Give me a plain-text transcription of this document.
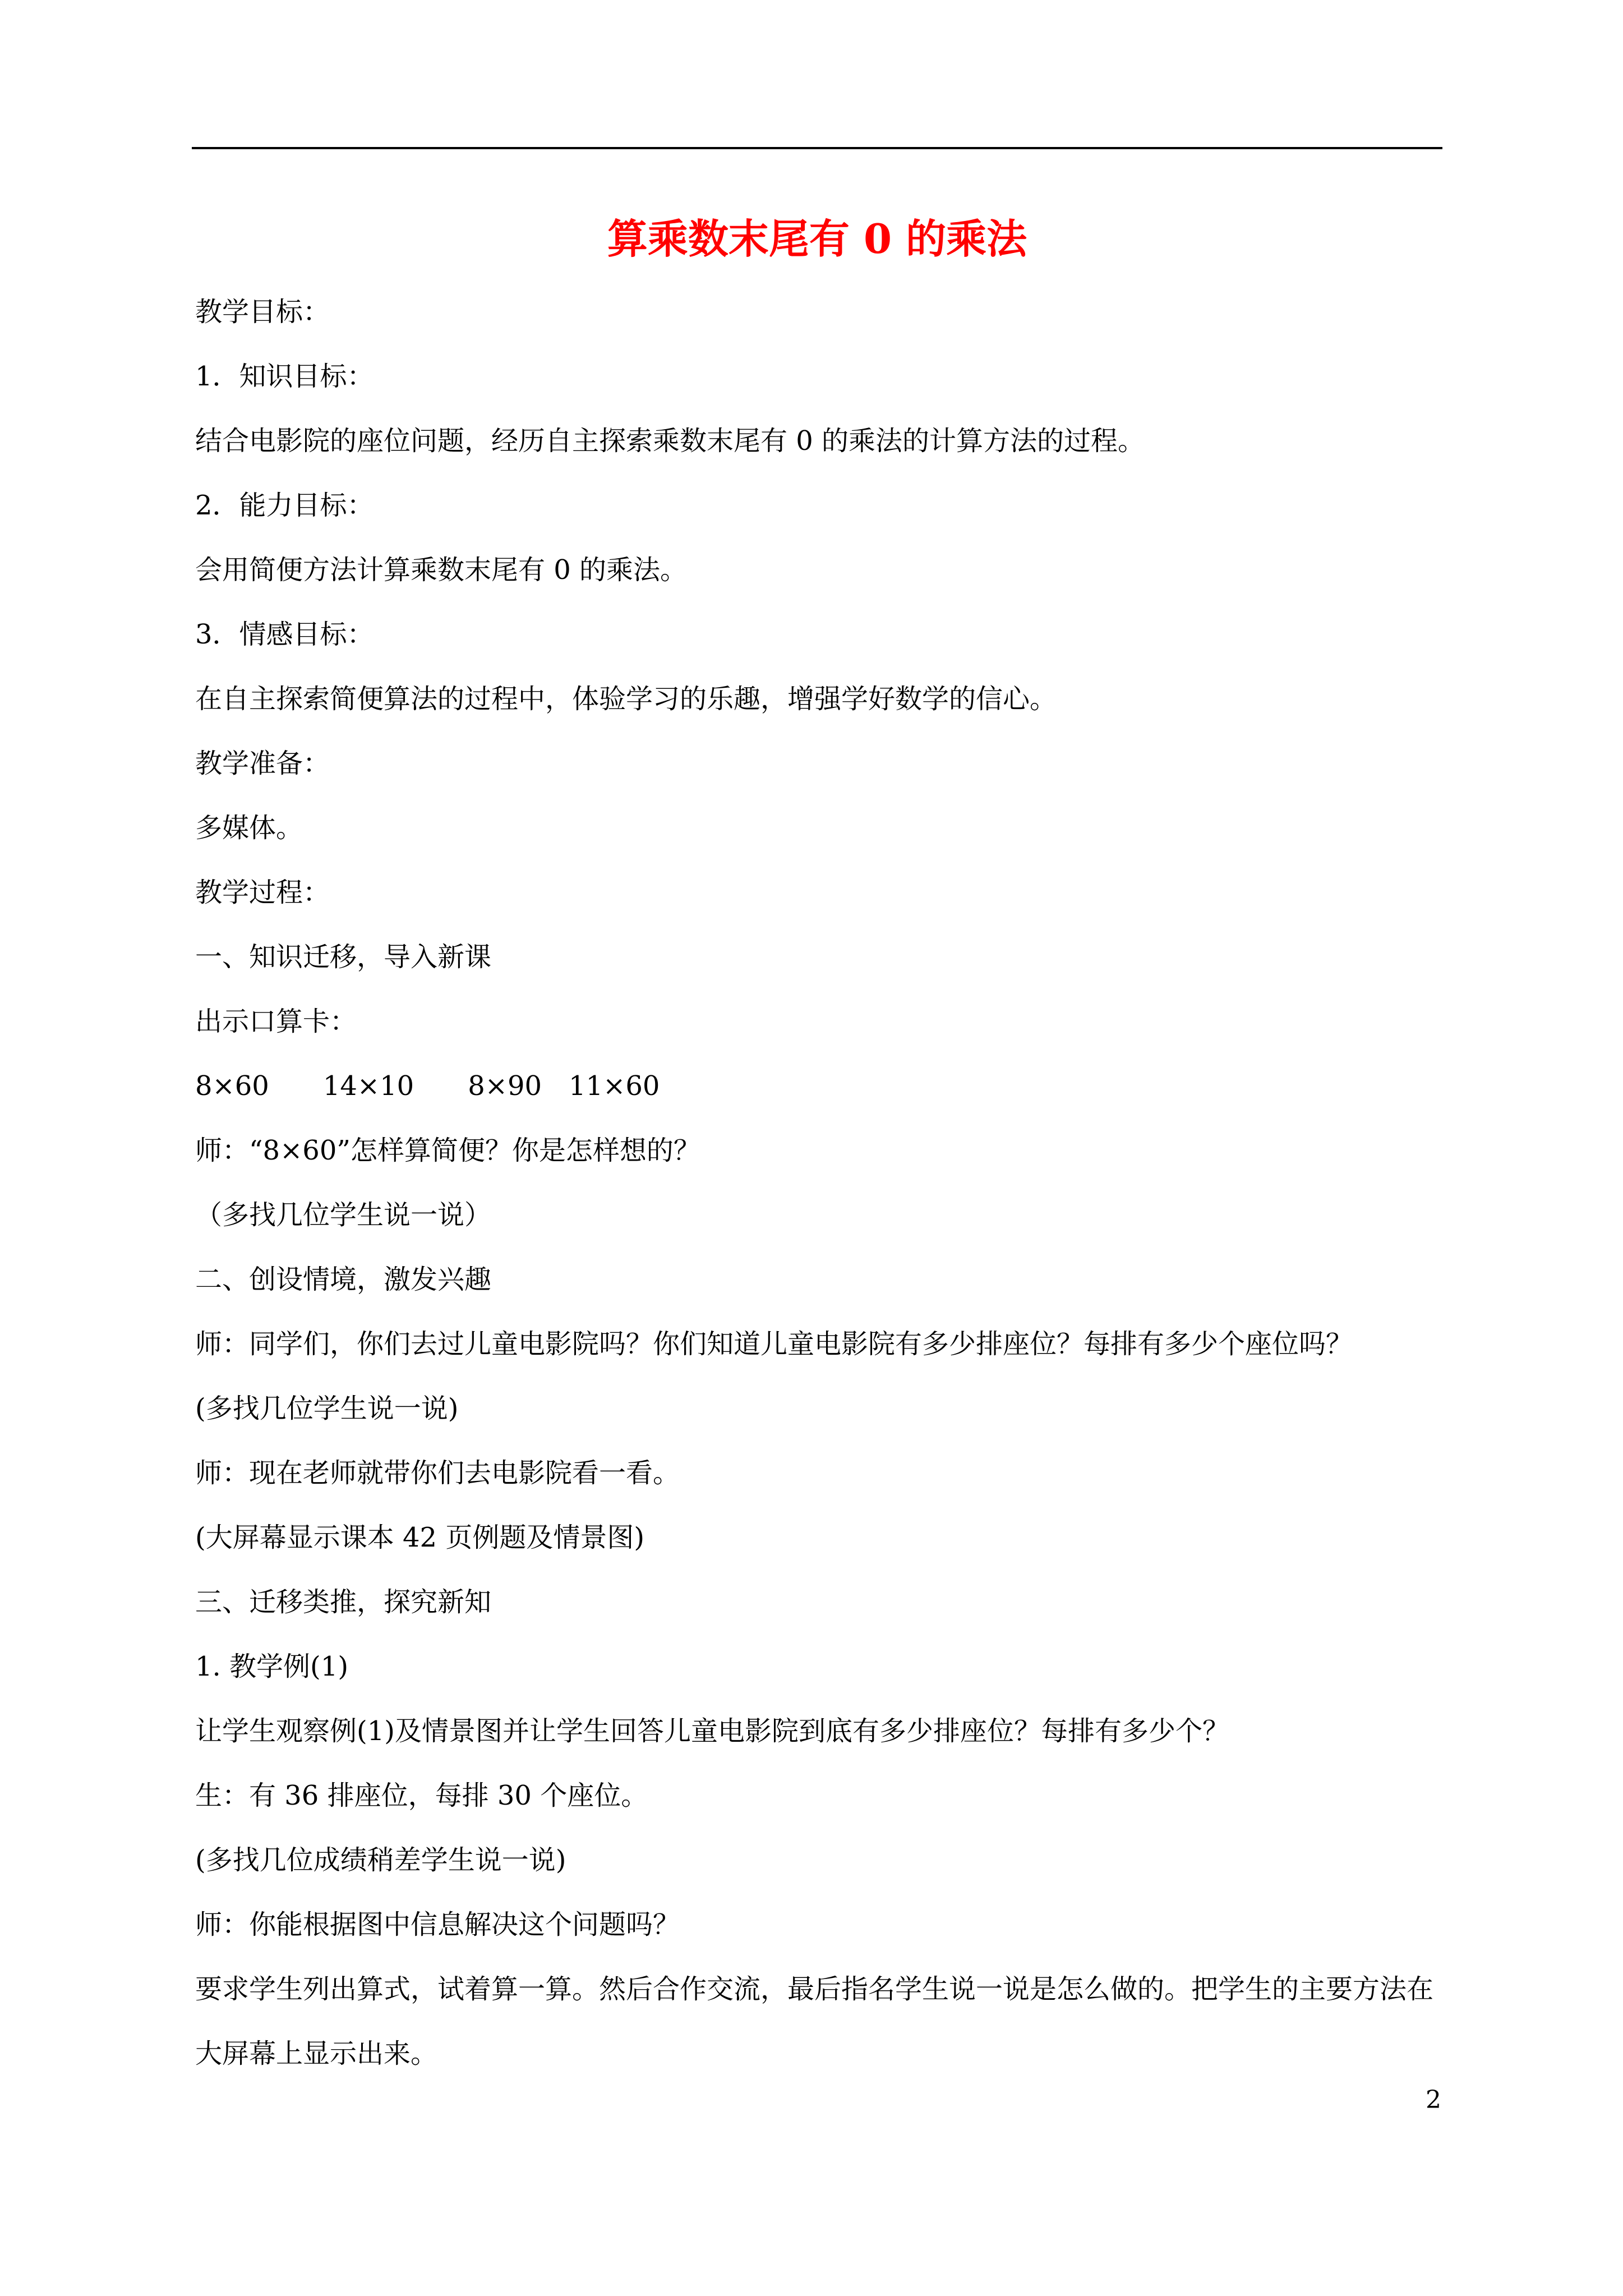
算乘数末尾有 0 的乘法

教学目标：

1．知识目标：

结合电影院的座位问题，经历自主探索乘数末尾有 0 的乘法的计算方法的过程。

2．能力目标：

会用简便方法计算乘数末尾有 0 的乘法。

3．情感目标：

在自主探索简便算法的过程中，体验学习的乐趣，增强学好数学的信心。

教学准备：

多媒体。

教学过程：

一、知识迁移，导入新课

出示口算卡：

8×60　　14×10　　8×90　11×60

师：“8×60”怎样算简便？你是怎样想的？

（多找几位学生说一说）

二、创设情境，激发兴趣

师：同学们，你们去过儿童电影院吗？你们知道儿童电影院有多少排座位？每排有多少个座位吗？

(多找几位学生说一说)

师：现在老师就带你们去电影院看一看。

(大屏幕显示课本 42 页例题及情景图)

三、迁移类推，探究新知

1. 教学例(1)

让学生观察例(1)及情景图并让学生回答儿童电影院到底有多少排座位？每排有多少个？

生：有 36 排座位，每排 30 个座位。

(多找几位成绩稍差学生说一说)

师：你能根据图中信息解决这个问题吗？

要求学生列出算式，试着算一算。然后合作交流，最后指名学生说一说是怎么做的。把学生的主要方法在大屏幕上显示出来。

2
